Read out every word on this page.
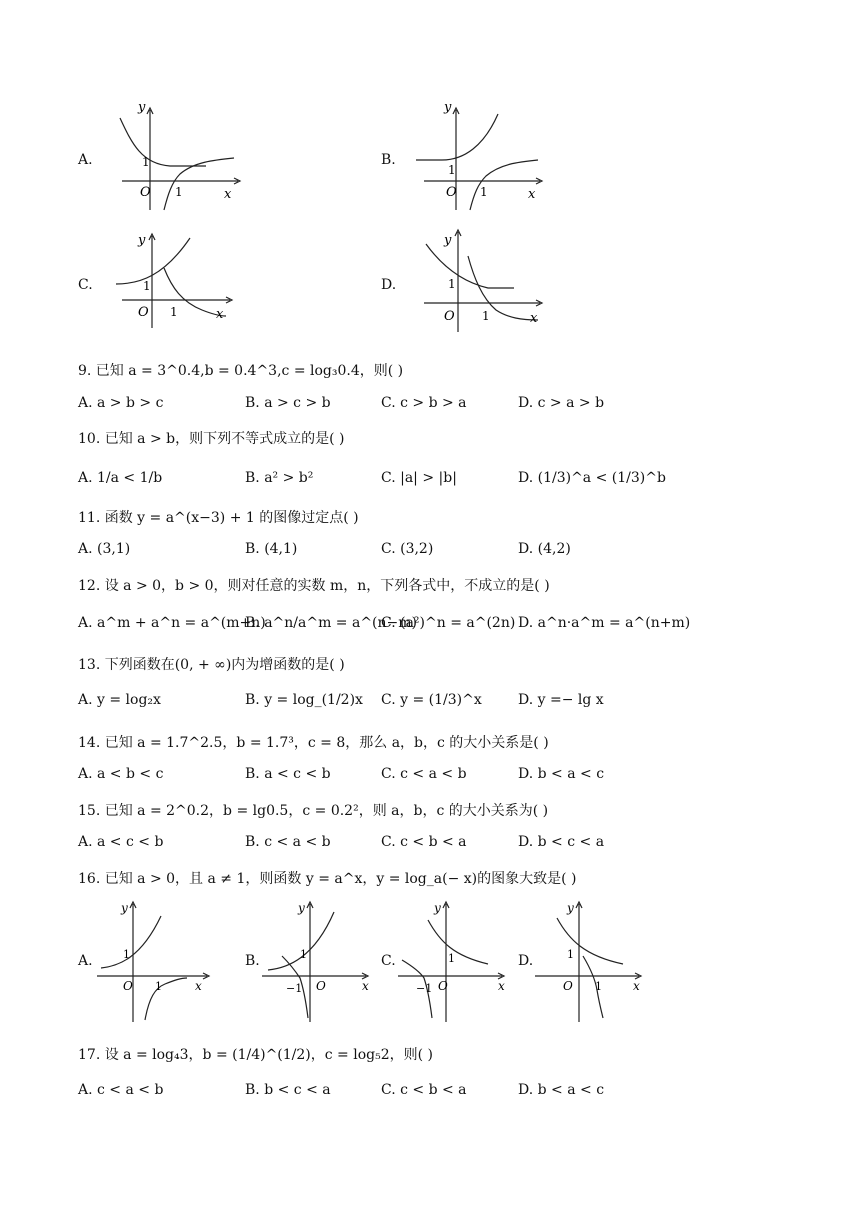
A.
y
x
O
1
1
B.
y
x
O
1
1
C.
y
x
O
1
1
D.
y
x
O
1
1
9. 已知 a = 3^0.4,b = 0.4^3,c = log₃0.4，则( )
A. a > b > c	B. a > c > b	C. c > b > a	D. c > a > b
10. 已知 a > b，则下列不等式成立的是( )
A. 1/a < 1/b	B. a² > b²	C. |a| > |b|	D. (1/3)^a < (1/3)^b
11. 函数 y = a^(x−3) + 1 的图像过定点( )
A. (3,1)	B. (4,1)	C. (3,2)	D. (4,2)
12. 设 a > 0，b > 0，则对任意的实数 m，n，下列各式中，不成立的是( )
A. a^m + a^n = a^(m+n)
B. a^n/a^m = a^(n−m)
C. (a²)^n = a^(2n) D. a^n·a^m = a^(n+m)
13. 下列函数在(0, + ∞)内为增函数的是( )
A. y = log₂x	B. y = log_(1/2)x C. y = (1/3)^x	D. y =− lg x
14. 已知 a = 1.7^2.5，b = 1.7³，c = 8，那么 a，b，c 的大小关系是( )
A. a < b < c	B. a < c < b	C. c < a < b	D. b < a < c
15. 已知 a = 2^0.2，b = lg0.5，c = 0.2²，则 a，b，c 的大小关系为( )
A. a < c < b	B. c < a < b	C. c < b < a	D. b < c < a
16. 已知 a > 0，且 a ≠ 1，则函数 y = a^x，y = log_a(− x)的图象大致是( )
A.
y
x
O
1
1
B.
y
x
O
1
−1
C.
y
x
O
1
−1
D.
y
x
O
1
1
17. 设 a = log₄3，b = (1/4)^(1/2)，c = log₅2，则( )
A. c < a < b	B. b < c < a	C. c < b < a	D. b < a < c
